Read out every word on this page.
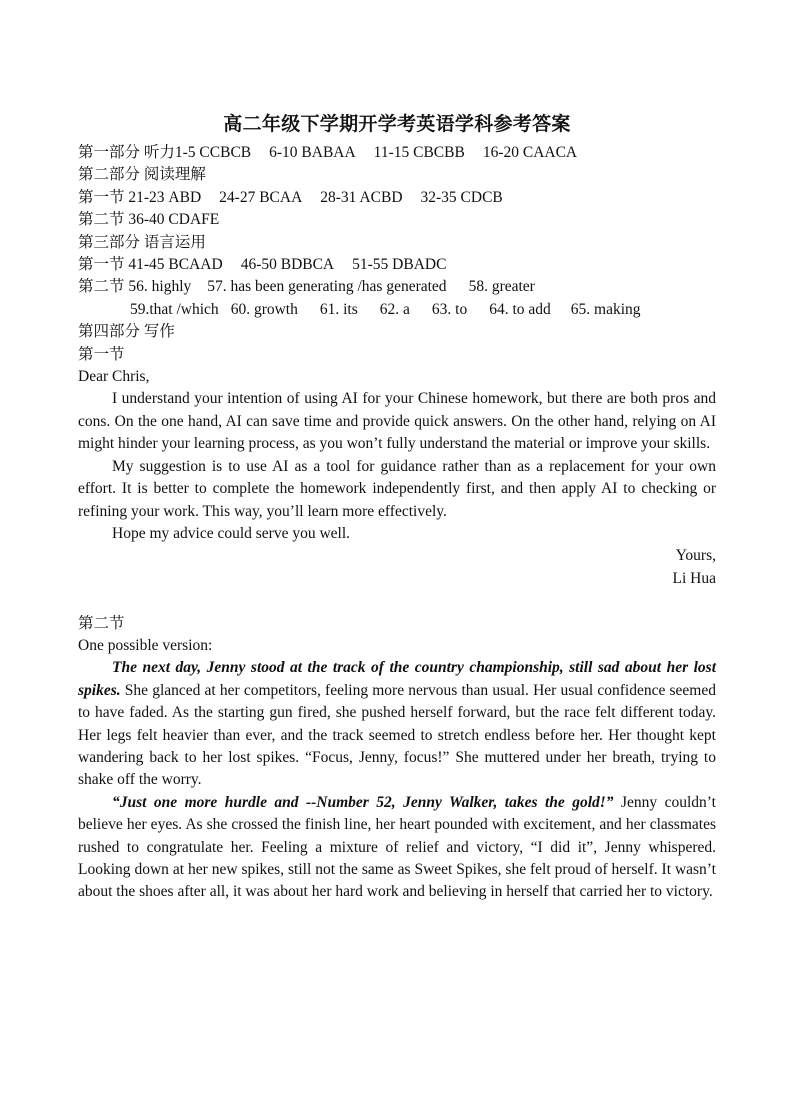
高二年级下学期开学考英语学科参考答案
第一部分 听力1-5 CCBCB 6-10 BABAA 11-15 CBCBB 16-20 CAACA
第二部分 阅读理解
第一节 21-23 ABD 24-27 BCAA 28-31 ACBD 32-35 CDCB
第二节 36-40 CDAFE
第三部分 语言运用
第一节 41-45 BCAAD 46-50 BDBCA 51-55 DBADC
第二节 56. highly 57. has been generating /has generated 58. greater
59.that /which 60. growth 61. its 62. a 63. to 64. to add 65. making
第四部分 写作
第一节
Dear Chris,

I understand your intention of using AI for your Chinese homework, but there are both pros and cons. On the one hand, AI can save time and provide quick answers. On the other hand, relying on AI might hinder your learning process, as you won’t fully understand the material or improve your skills.

My suggestion is to use AI as a tool for guidance rather than as a replacement for your own effort. It is better to complete the homework independently first, and then apply AI to checking or refining your work. This way, you’ll learn more effectively.

Hope my advice could serve you well.

Yours,
Li Hua
第二节
One possible version:

The next day, Jenny stood at the track of the country championship, still sad about her lost spikes. She glanced at her competitors, feeling more nervous than usual. Her usual confidence seemed to have faded. As the starting gun fired, she pushed herself forward, but the race felt different today. Her legs felt heavier than ever, and the track seemed to stretch endless before her. Her thought kept wandering back to her lost spikes. “Focus, Jenny, focus!” She muttered under her breath, trying to shake off the worry.

“Just one more hurdle and --Number 52, Jenny Walker, takes the gold!” Jenny couldn’t believe her eyes. As she crossed the finish line, her heart pounded with excitement, and her classmates rushed to congratulate her. Feeling a mixture of relief and victory, “I did it”, Jenny whispered. Looking down at her new spikes, still not the same as Sweet Spikes, she felt proud of herself. It wasn’t about the shoes after all, it was about her hard work and believing in herself that carried her to victory.
